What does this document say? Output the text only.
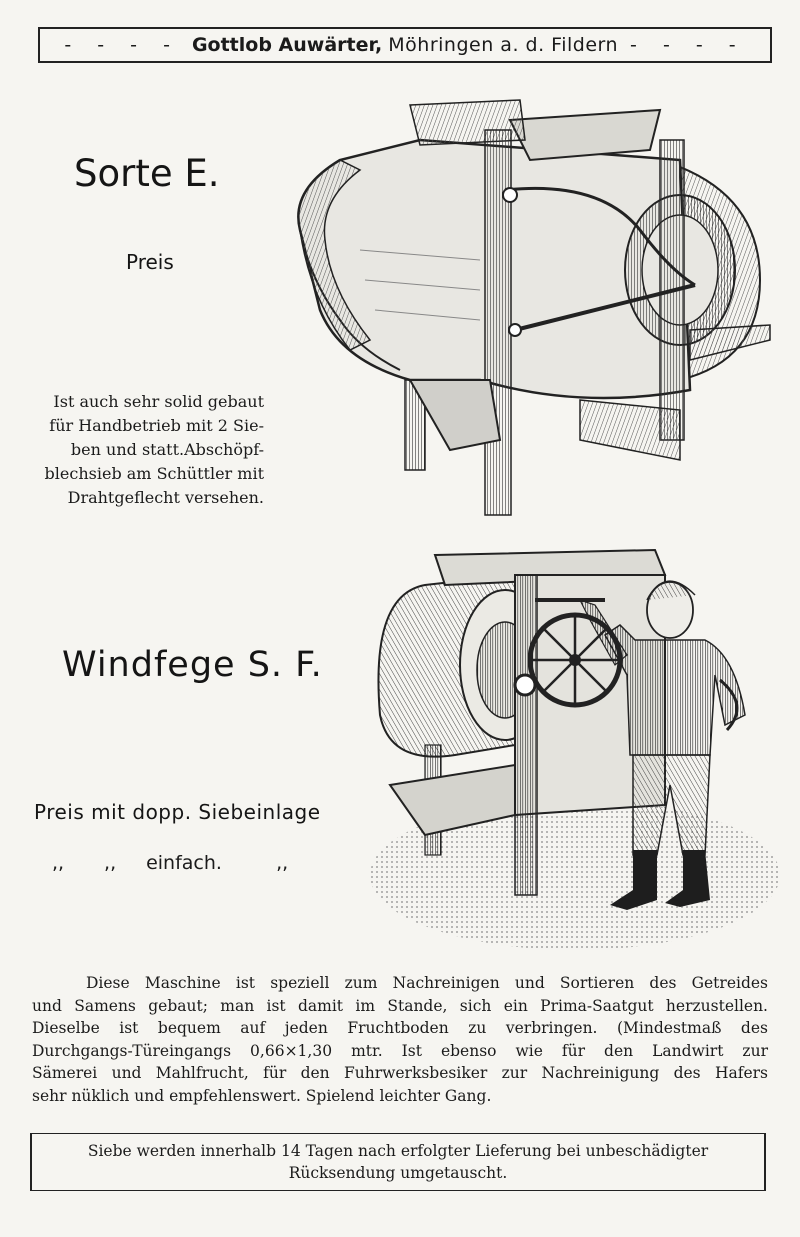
- - - - Gottlob Auwärter, Möhringen a. d. Fildern - - - -
Sorte E.
Preis
Ist auch sehr solid gebaut
für Handbetrieb mit 2 Sie-
ben und statt.Abschöpf-
blechsieb am Schüttler mit
Drahtgeflecht versehen.
Windfege S. F.
Preis mit dopp. Siebeinlage
,, ,, einfach.	,,
Diese Maschine ist speziell zum Nachreinigen und Sortieren des Getreides
und Samens gebaut; man ist damit im Stande, sich ein Prima-Saatgut herzustellen.
Dieselbe ist bequem auf jeden Fruchtboden zu verbringen. (Mindestmaß des
Durchgangs-Türeingangs 0,66×1,30 mtr. Ist ebenso wie für den Landwirt zur
Sämerei und Mahlfrucht, für den Fuhrwerksbesiker zur Nachreinigung des Hafers
sehr nüklich und empfehlenswert. Spielend leichter Gang.
Siebe werden innerhalb 14 Tagen nach erfolgter Lieferung bei unbeschädigter
Rücksendung umgetauscht.
